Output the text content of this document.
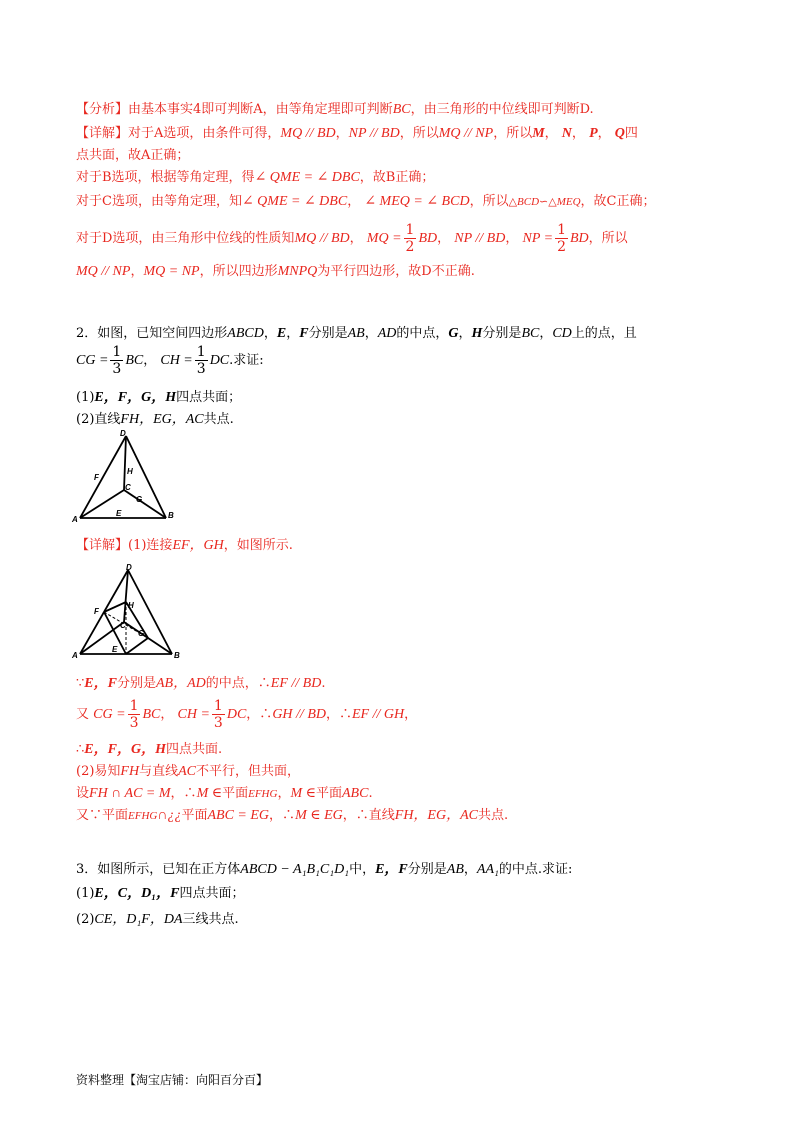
【分析】由基本事实4即可判断A，由等角定理即可判断BC，由三角形的中位线即可判断D.
【详解】对于A选项，由条件可得，MQ // BD，NP // BD，所以MQ // NP，所以M， N， P， Q四
点共面，故A正确；
对于B选项，根据等角定理，得∠ QME = ∠ DBC，故B正确；
对于C选项，由等角定理，知∠ QME = ∠ DBC， ∠ MEQ = ∠ BCD，所以△BCD∽△MEQ，故C正确；
对于D选项，由三角形中位线的性质知MQ // BD， MQ = $\frac{1}{2}$ BD， NP // BD， NP = $\frac{1}{2}$ BD，所以
MQ // NP，MQ = NP，所以四边形MNPQ为平行四边形，故D不正确.
2．如图，已知空间四边形ABCD，E，F分别是AB，AD的中点，G，H分别是BC，CD上的点，且
CG = $\frac{1}{3}$ BC， CH = $\frac{1}{3}$ DC.求证:
(1)E，F，G，H四点共面；
(2)直线FH，EG，AC共点.
A	B
D
F
H
C
G
E
【详解】(1)连接EF，GH，如图所示.
A	B
D
F
H
C
G
E
∵E，F分别是AB，AD的中点，∴EF // BD.
又 CG = $\frac{1}{3}$ BC， CH = $\frac{1}{3}$ DC，∴GH // BD，∴EF // GH，
∴E，F，G，H四点共面.
(2)易知FH与直线AC不平行，但共面，
设FH ∩ AC = M，∴M ∈平面EFHG，M ∈平面ABC.
又∵平面EFHG∩¿¿平面ABC = EG，∴M ∈ EG，∴直线FH，EG，AC共点.
3．如图所示，已知在正方体ABCD − A₁B₁C₁D₁中，E，F分别是AB，AA₁的中点.求证:
(1)E，C，D₁，F四点共面；
(2)CE，D₁F，DA三线共点.
资料整理【淘宝店铺：向阳百分百】
